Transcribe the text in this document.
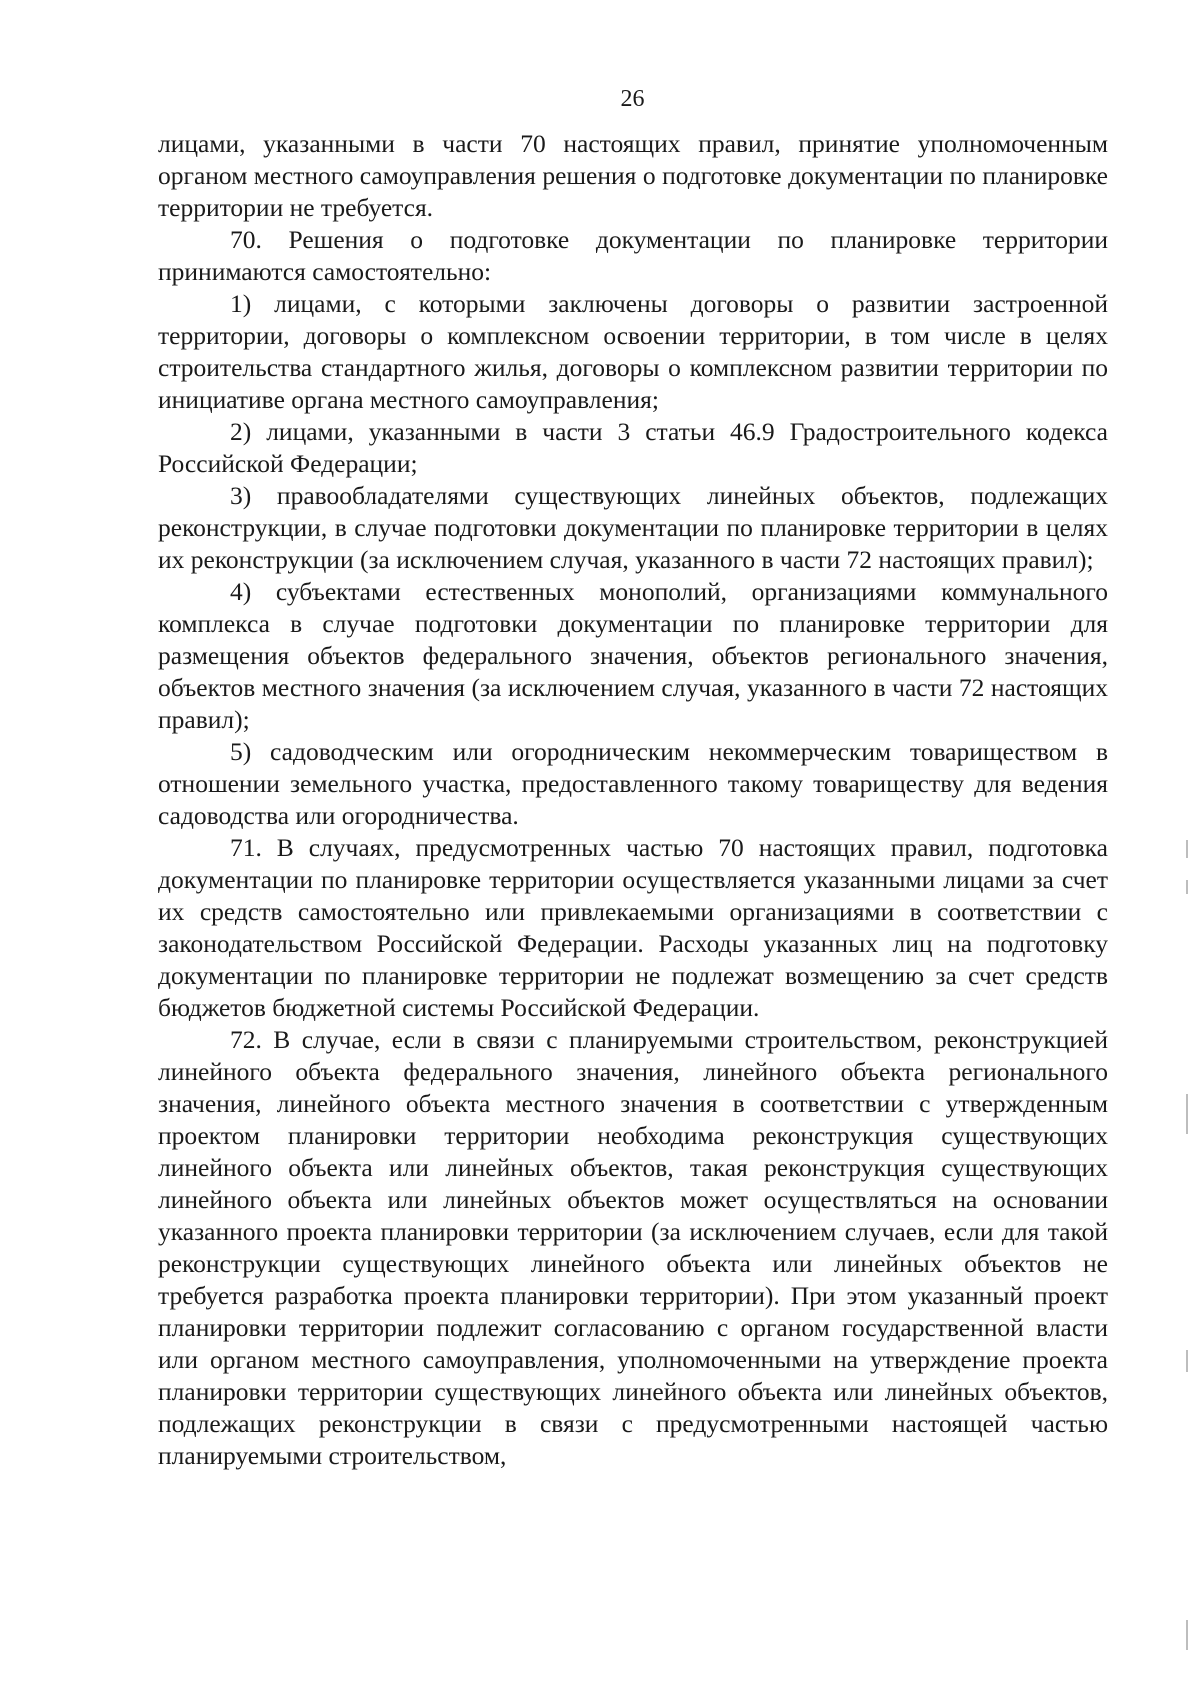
26

лицами, указанными в части 70 настоящих правил, принятие уполномоченным органом местного самоуправления решения о подготовке документации по планировке территории не требуется.

70. Решения о подготовке документации по планировке территории принимаются самостоятельно:

1) лицами, с которыми заключены договоры о развитии застроенной территории, договоры о комплексном освоении территории, в том числе в целях строительства стандартного жилья, договоры о комплексном развитии территории по инициативе органа местного самоуправления;

2) лицами, указанными в части 3 статьи 46.9 Градостроительного кодекса Российской Федерации;

3) правообладателями существующих линейных объектов, подлежащих реконструкции, в случае подготовки документации по планировке территории в целях их реконструкции (за исключением случая, указанного в части 72 настоящих правил);

4) субъектами естественных монополий, организациями коммунального комплекса в случае подготовки документации по планировке территории для размещения объектов федерального значения, объектов регионального значения, объектов местного значения (за исключением случая, указанного в части 72 настоящих правил);

5) садоводческим или огородническим некоммерческим товариществом в отношении земельного участка, предоставленного такому товариществу для ведения садоводства или огородничества.

71. В случаях, предусмотренных частью 70 настоящих правил, подготовка документации по планировке территории осуществляется указанными лицами за счет их средств самостоятельно или привлекаемыми организациями в соответствии с законодательством Российской Федерации. Расходы указанных лиц на подготовку документации по планировке территории не подлежат возмещению за счет средств бюджетов бюджетной системы Российской Федерации.

72. В случае, если в связи с планируемыми строительством, реконструкцией линейного объекта федерального значения, линейного объекта регионального значения, линейного объекта местного значения в соответствии с утвержденным проектом планировки территории необходима реконструкция существующих линейного объекта или линейных объектов, такая реконструкция существующих линейного объекта или линейных объектов может осуществляться на основании указанного проекта планировки территории (за исключением случаев, если для такой реконструкции существующих линейного объекта или линейных объектов не требуется разработка проекта планировки территории). При этом указанный проект планировки территории подлежит согласованию с органом государственной власти или органом местного самоуправления, уполномоченными на утверждение проекта планировки территории существующих линейного объекта или линейных объектов, подлежащих реконструкции в связи с предусмотренными настоящей частью планируемыми строительством,
